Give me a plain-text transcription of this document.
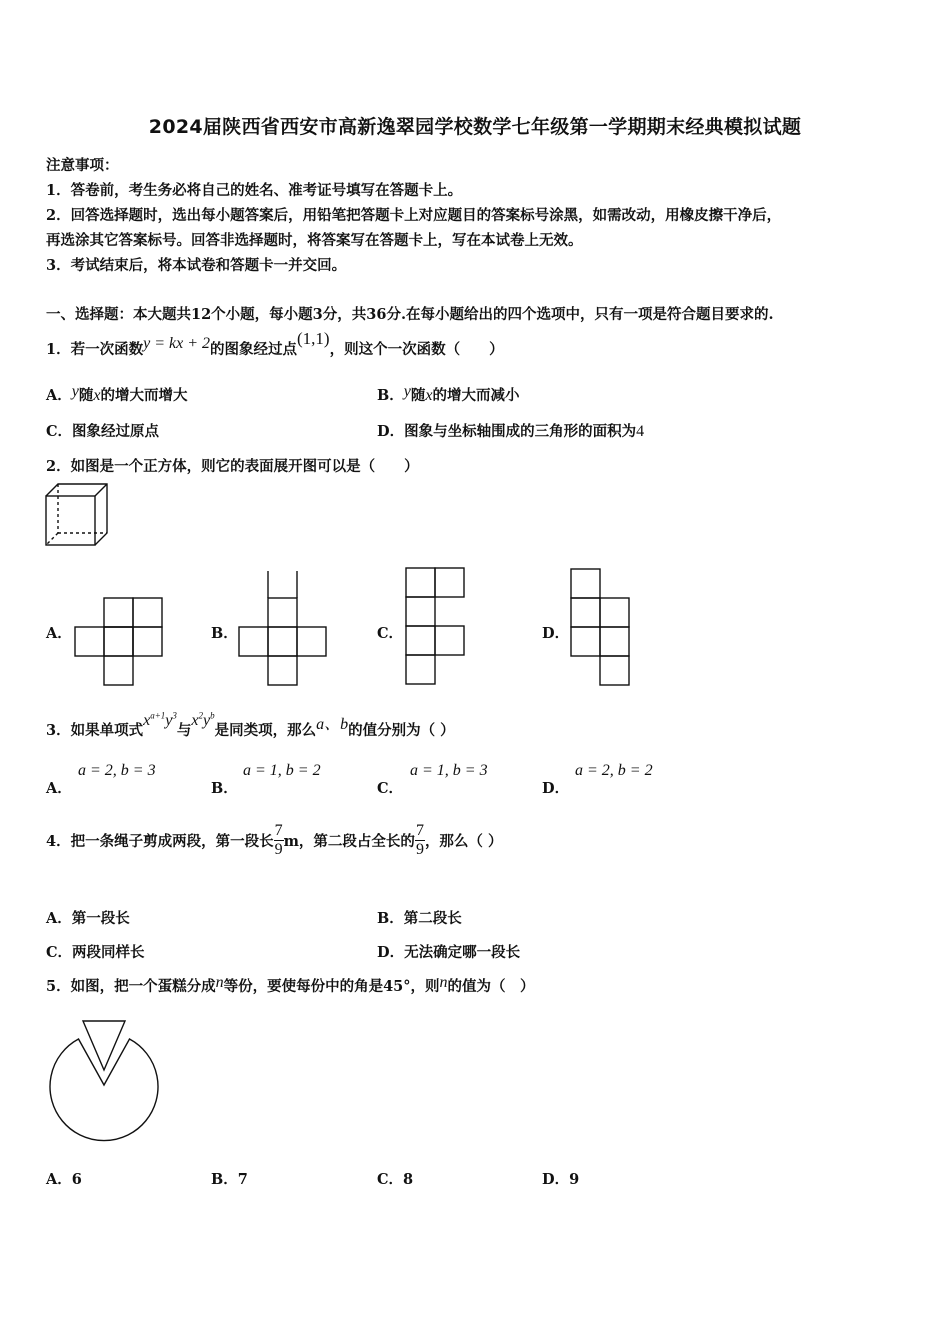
2024届陕西省西安市高新逸翠园学校数学七年级第一学期期末经典模拟试题
注意事项：
1．答卷前，考生务必将自己的姓名、准考证号填写在答题卡上。
2．回答选择题时，选出每小题答案后，用铅笔把答题卡上对应题目的答案标号涂黑，如需改动，用橡皮擦干净后，
再选涂其它答案标号。回答非选择题时，将答案写在答题卡上，写在本试卷上无效。
3．考试结束后，将本试卷和答题卡一并交回。
一、选择题：本大题共12个小题，每小题3分，共36分.在每小题给出的四个选项中，只有一项是符合题目要求的.
1．若一次函数y = kx + 2的图象经过点(1,1)，则这个一次函数（　　）
A．y随x的增大而增大	B．y随x的增大而减小
C．图象经过原点	D．图象与坐标轴围成的三角形的面积为4
2．如图是一个正方体，则它的表面展开图可以是（　　）
A．	B．	C．	D．
3．如果单项式$x^{a+1}y^3$与$x^2y^b$是同类项，那么a、b的值分别为（ ）
A．
a = 2, b = 3
B．
a = 1, b = 2
C．
a = 1, b = 3
D．
a = 2, b = 2
4．把一条绳子剪成两段，第一段长 $\frac{7}{9}$ m，第二段占全长的 $\frac{7}{9}$ ，那么（ ）
A．第一段长	B．第二段长
C．两段同样长	D．无法确定哪一段长
5．如图，把一个蛋糕分成n等份，要使每份中的角是45°，则n的值为（　）
A．6	B．7	C．8	D．9
